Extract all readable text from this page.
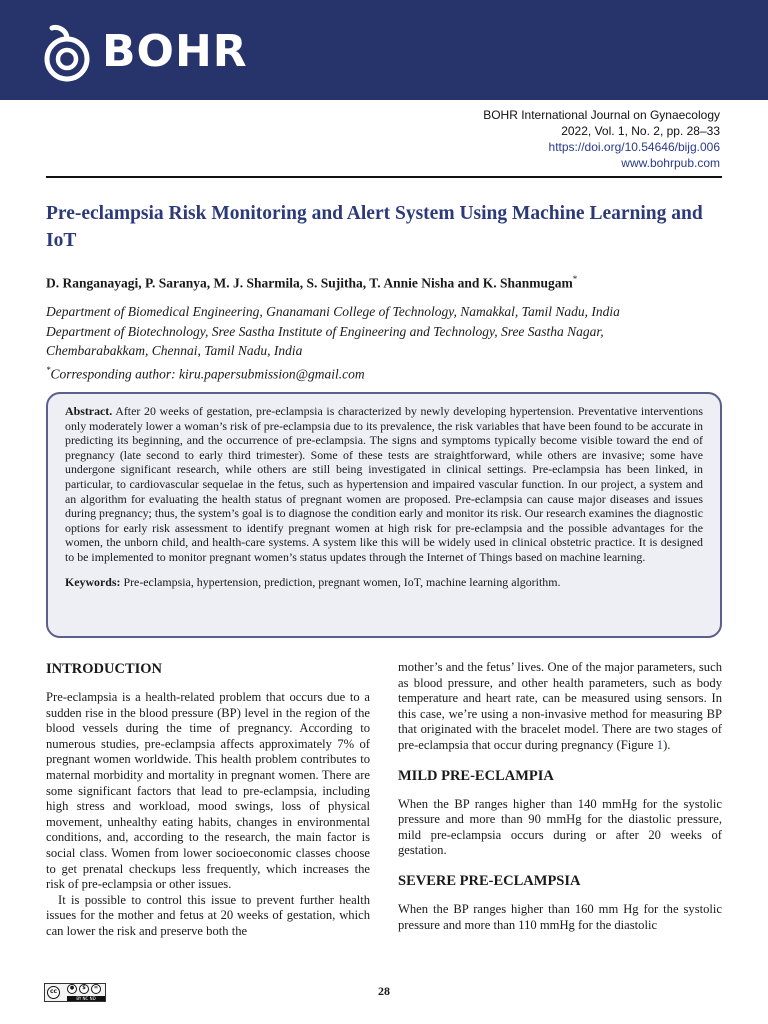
BOHR
BOHR International Journal on Gynaecology
2022, Vol. 1, No. 2, pp. 28–33
https://doi.org/10.54646/bijg.006
www.bohrpub.com
Pre-eclampsia Risk Monitoring and Alert System Using Machine Learning and IoT
D. Ranganayagi, P. Saranya, M. J. Sharmila, S. Sujitha, T. Annie Nisha and K. Shanmugam*
Department of Biomedical Engineering, Gnanamani College of Technology, Namakkal, Tamil Nadu, India
Department of Biotechnology, Sree Sastha Institute of Engineering and Technology, Sree Sastha Nagar,
Chembarabakkam, Chennai, Tamil Nadu, India
*Corresponding author: kiru.papersubmission@gmail.com

Abstract. After 20 weeks of gestation, pre-eclampsia is characterized by newly developing hypertension. Preventative interventions only moderately lower a woman’s risk of pre-eclampsia due to its prevalence, the risk variables that have been found to be accurate in predicting its beginning, and the occurrence of pre-eclampsia. The signs and symptoms typically become visible toward the end of pregnancy (late second to early third trimester). Some of these tests are straightforward, while others are invasive; some have undergone significant research, while others are still being investigated in clinical settings. Pre-eclampsia has been linked, in particular, to cardiovascular sequelae in the fetus, such as hypertension and impaired vascular function. In our project, a system and an algorithm for evaluating the health status of pregnant women are proposed. Pre-eclampsia can cause major diseases and issues during pregnancy; thus, the system’s goal is to diagnose the condition early and monitor its risk. Our research examines the diagnostic options for early risk assessment to identify pregnant women at high risk for pre-eclampsia and the possible advantages for the women, the unborn child, and health-care systems. A system like this will be widely used in clinical obstetric practice. It is designed to be implemented to monitor pregnant women’s status updates through the Internet of Things based on machine learning.

Keywords: Pre-eclampsia, hypertension, prediction, pregnant women, IoT, machine learning algorithm.

INTRODUCTION

Pre-eclampsia is a health-related problem that occurs due to a sudden rise in the blood pressure (BP) level in the region of the blood vessels during the time of pregnancy. According to numerous studies, pre-eclampsia affects approximately 7% of pregnant women worldwide. This health problem contributes to maternal morbidity and mortality in pregnant women. There are some significant factors that lead to pre-eclampsia, including high stress and workload, mood swings, loss of physical movement, unhealthy eating habits, changes in environmental conditions, and, according to the research, the main factor is social class. Women from lower socioeconomic classes choose to get prenatal checkups less frequently, which increases the risk of pre-eclampsia or other issues.

It is possible to control this issue to prevent further health issues for the mother and fetus at 20 weeks of gestation, which can lower the risk and preserve both the

mother’s and the fetus’ lives. One of the major parameters, such as blood pressure, and other health parameters, such as body temperature and heart rate, can be measured using sensors. In this case, we’re using a non-invasive method for measuring BP that originated with the bracelet model. There are two stages of pre-eclampsia that occur during pregnancy (Figure 1).

MILD PRE-ECLAMPIA

When the BP ranges higher than 140 mmHg for the systolic pressure and more than 90 mmHg for the diastolic pressure, mild pre-eclampsia occurs during or after 20 weeks of gestation.

SEVERE PRE-ECLAMPSIA

When the BP ranges higher than 160 mm Hg for the systolic pressure and more than 110 mmHg for the diastolic

cc	●	$	=
BY NC ND
28
